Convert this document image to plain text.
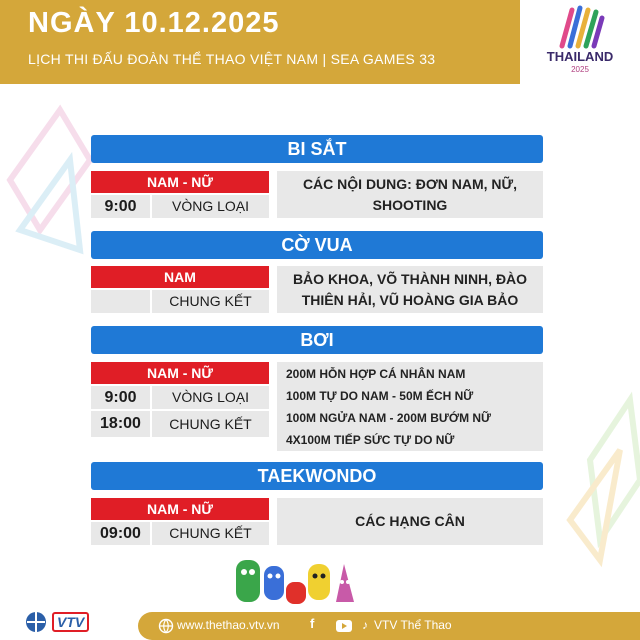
NGÀY 10.12.2025
LỊCH THI ĐẤU ĐOÀN THỂ THAO VIỆT NAM | SEA GAMES 33	THAILAND
2025
BI SẮT
NAM - NỮ
9:00	VÒNG LOẠI
CÁC NỘI DUNG: ĐƠN NAM, NỮ,
SHOOTING
CỜ VUA
NAM
CHUNG KẾT
BẢO KHOA, VÕ THÀNH NINH, ĐÀO
THIÊN HẢI, VŨ HOÀNG GIA BẢO
BƠI
NAM - NỮ
9:00	VÒNG LOẠI
18:00	CHUNG KẾT
200M HỖN HỢP CÁ NHÂN NAM
100M TỰ DO NAM - 50M ẾCH NỮ
100M NGỬA NAM - 200M BƯỚM NỮ
4X100M TIẾP SỨC TỰ DO NỮ
TAEKWONDO
NAM - NỮ
09:00	CHUNG KẾT
CÁC HẠNG CÂN
VTV	www.thethao.vtv.vn f	♪ VTV Thể Thao
